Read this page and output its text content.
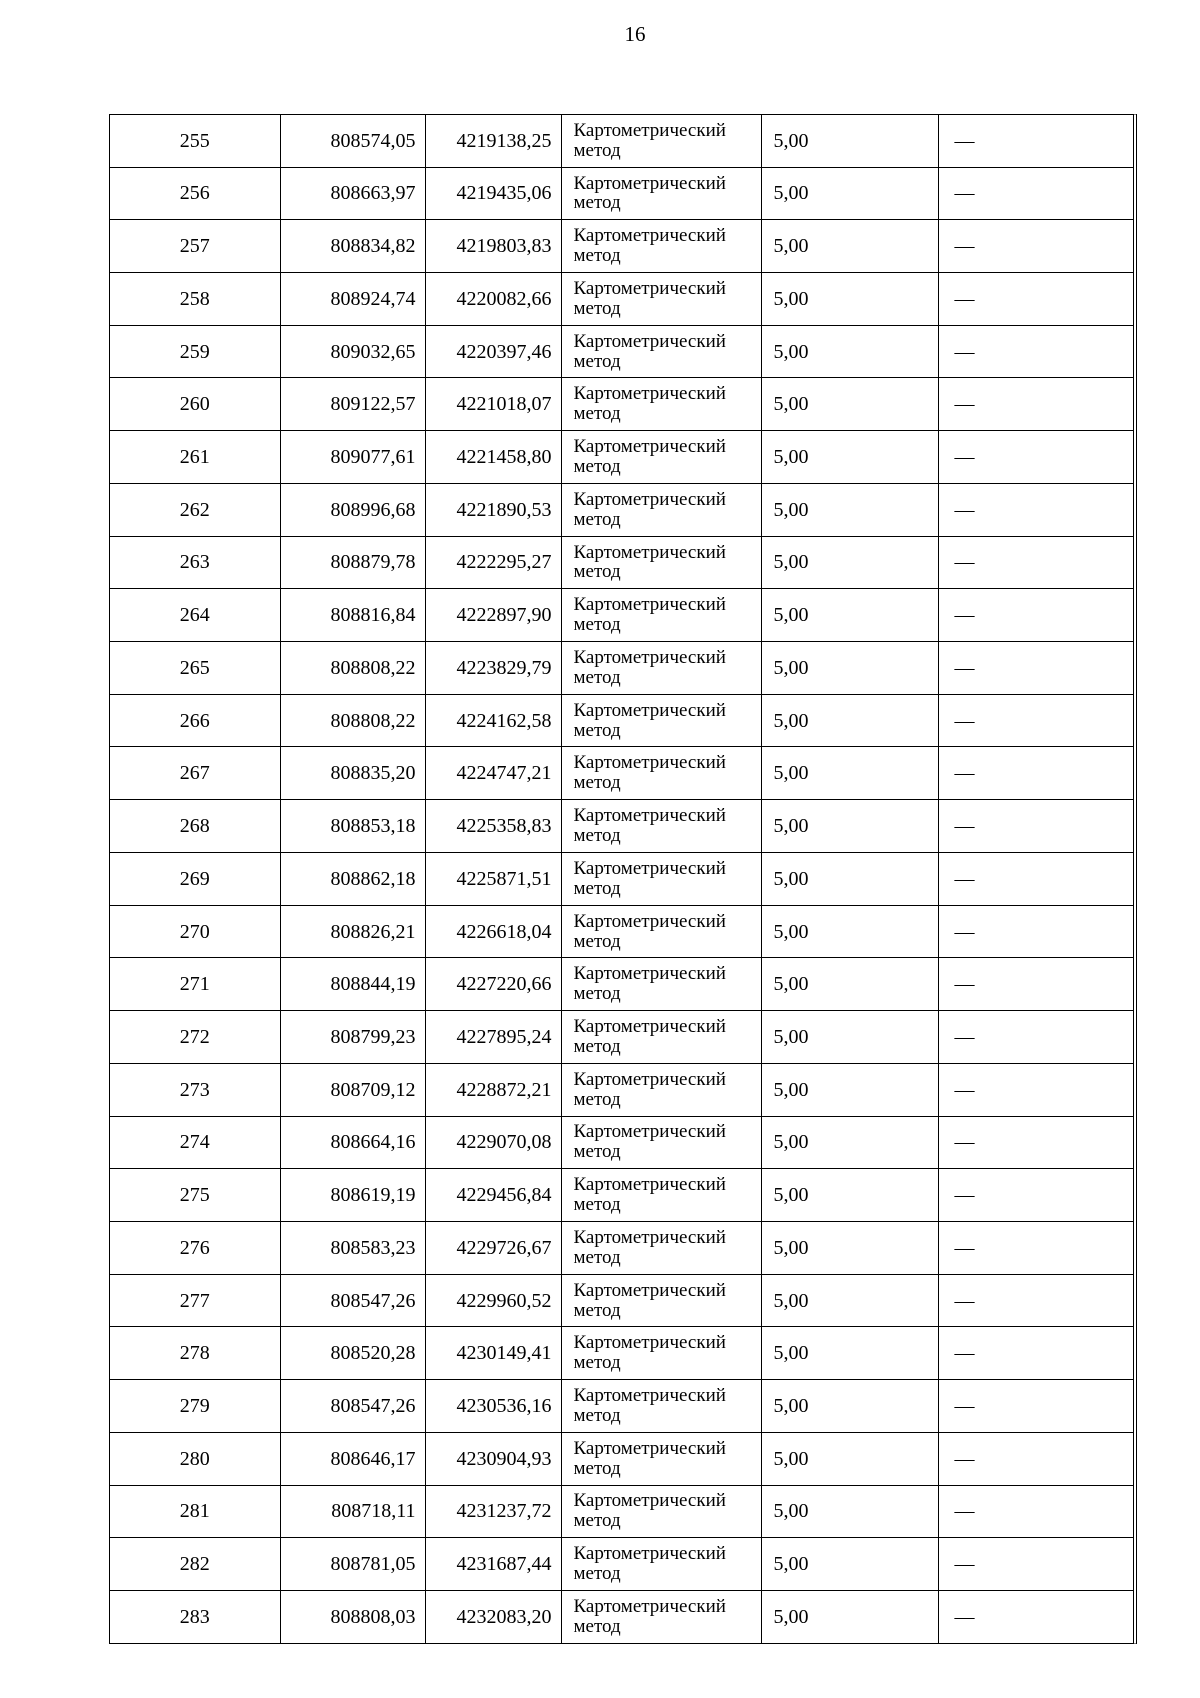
16
255	808574,05	4219138,25	Картометрический метод	5,00	—
256	808663,97	4219435,06	Картометрический метод	5,00	—
257	808834,82	4219803,83	Картометрический метод	5,00	—
258	808924,74	4220082,66	Картометрический метод	5,00	—
259	809032,65	4220397,46	Картометрический метод	5,00	—
260	809122,57	4221018,07	Картометрический метод	5,00	—
261	809077,61	4221458,80	Картометрический метод	5,00	—
262	808996,68	4221890,53	Картометрический метод	5,00	—
263	808879,78	4222295,27	Картометрический метод	5,00	—
264	808816,84	4222897,90	Картометрический метод	5,00	—
265	808808,22	4223829,79	Картометрический метод	5,00	—
266	808808,22	4224162,58	Картометрический метод	5,00	—
267	808835,20	4224747,21	Картометрический метод	5,00	—
268	808853,18	4225358,83	Картометрический метод	5,00	—
269	808862,18	4225871,51	Картометрический метод	5,00	—
270	808826,21	4226618,04	Картометрический метод	5,00	—
271	808844,19	4227220,66	Картометрический метод	5,00	—
272	808799,23	4227895,24	Картометрический метод	5,00	—
273	808709,12	4228872,21	Картометрический метод	5,00	—
274	808664,16	4229070,08	Картометрический метод	5,00	—
275	808619,19	4229456,84	Картометрический метод	5,00	—
276	808583,23	4229726,67	Картометрический метод	5,00	—
277	808547,26	4229960,52	Картометрический метод	5,00	—
278	808520,28	4230149,41	Картометрический метод	5,00	—
279	808547,26	4230536,16	Картометрический метод	5,00	—
280	808646,17	4230904,93	Картометрический метод	5,00	—
281	808718,11	4231237,72	Картометрический метод	5,00	—
282	808781,05	4231687,44	Картометрический метод	5,00	—
283	808808,03	4232083,20	Картометрический метод	5,00	—
